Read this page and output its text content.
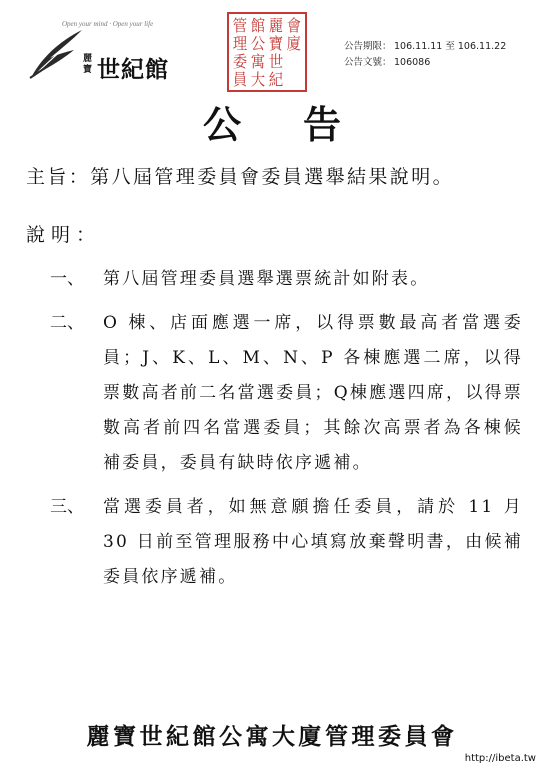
Open your mind · Open your life
麗寶 世紀館
管
理
委
員
館
公
寓
大
麗
寶
世
紀
會
廈	公告期限： 106.11.11 至 106.11.22
公告文號： 106086
公告
主旨：第八屆管理委員會委員選舉結果說明。
說明：
一、	第八屆管理委員選舉選票統計如附表。
二、	O 棟、店面應選一席，以得票數最高者當選委員；J、K、L、M、N、P 各棟應選二席，以得票數高者前二名當選委員；Q棟應選四席，以得票數高者前四名當選委員；其餘次高票者為各棟候補委員，委員有缺時依序遞補。
三、	當選委員者，如無意願擔任委員，請於 11 月 30 日前至管理服務中心填寫放棄聲明書，由候補委員依序遞補。
麗寶世紀館公寓大廈管理委員會
http://ibeta.tw
